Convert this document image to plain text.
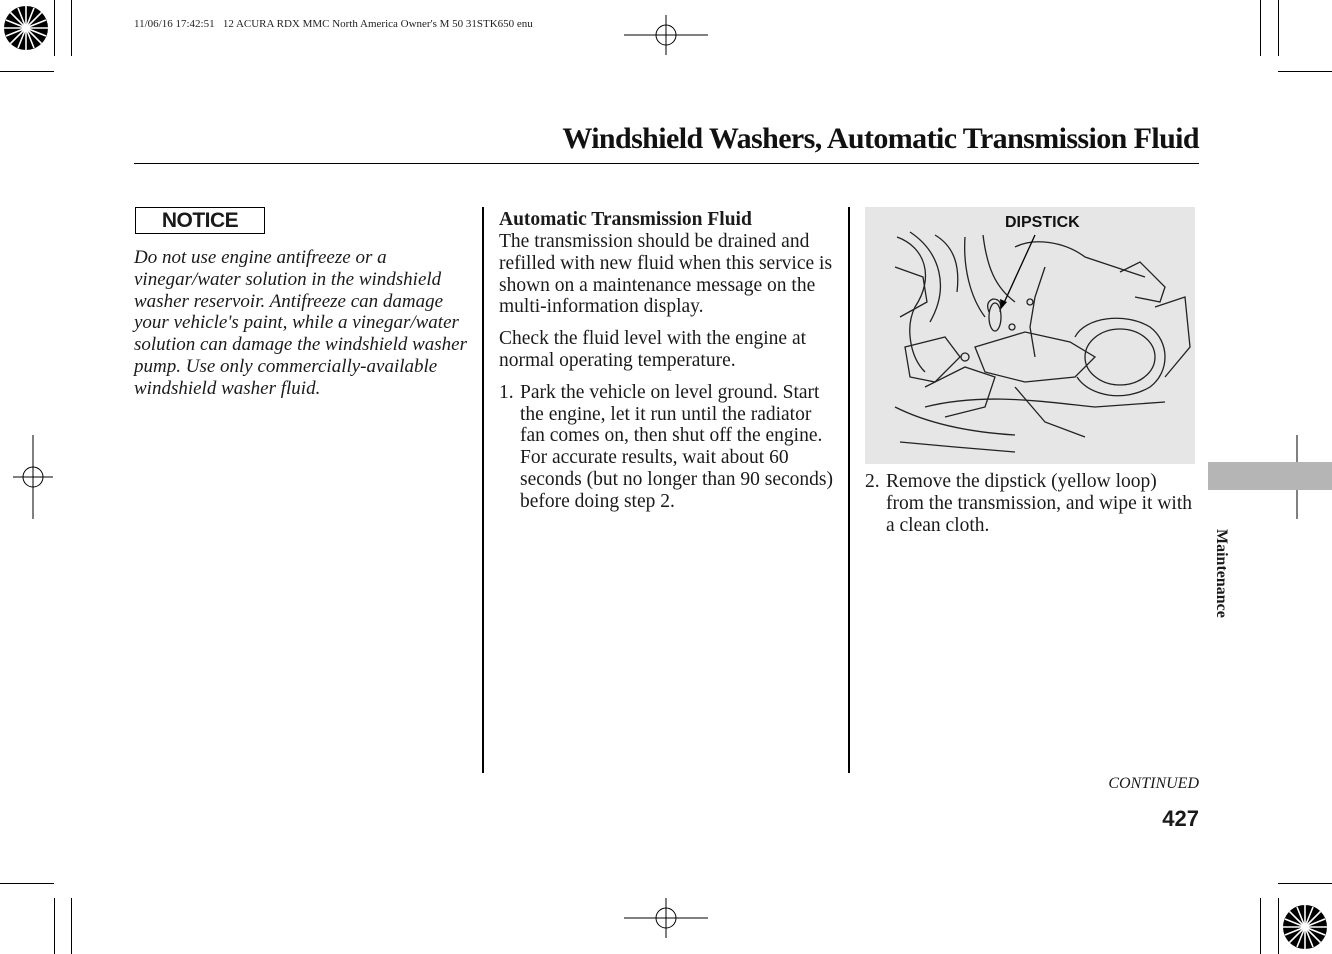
11/06/16 17:42:51   12 ACURA RDX MMC North America Owner's M 50 31STK650 enu
Windshield Washers, Automatic Transmission Fluid
NOTICE
Do not use engine antifreeze or a vinegar/water solution in the windshield washer reservoir. Antifreeze can damage your vehicle's paint, while a vinegar/water solution can damage the windshield washer pump. Use only commercially-available windshield washer fluid.
Automatic Transmission Fluid

The transmission should be drained and refilled with new fluid when this service is shown on a maintenance message on the multi-information display.

Check the fluid level with the engine at normal operating temperature.

1. Park the vehicle on level ground. Start the engine, let it run until the radiator fan comes on, then shut off the engine. For accurate results, wait about 60 seconds (but no longer than 90 seconds) before doing step 2.
DIPSTICK
2. Remove the dipstick (yellow loop) from the transmission, and wipe it with a clean cloth.
Maintenance
CONTINUED
427
